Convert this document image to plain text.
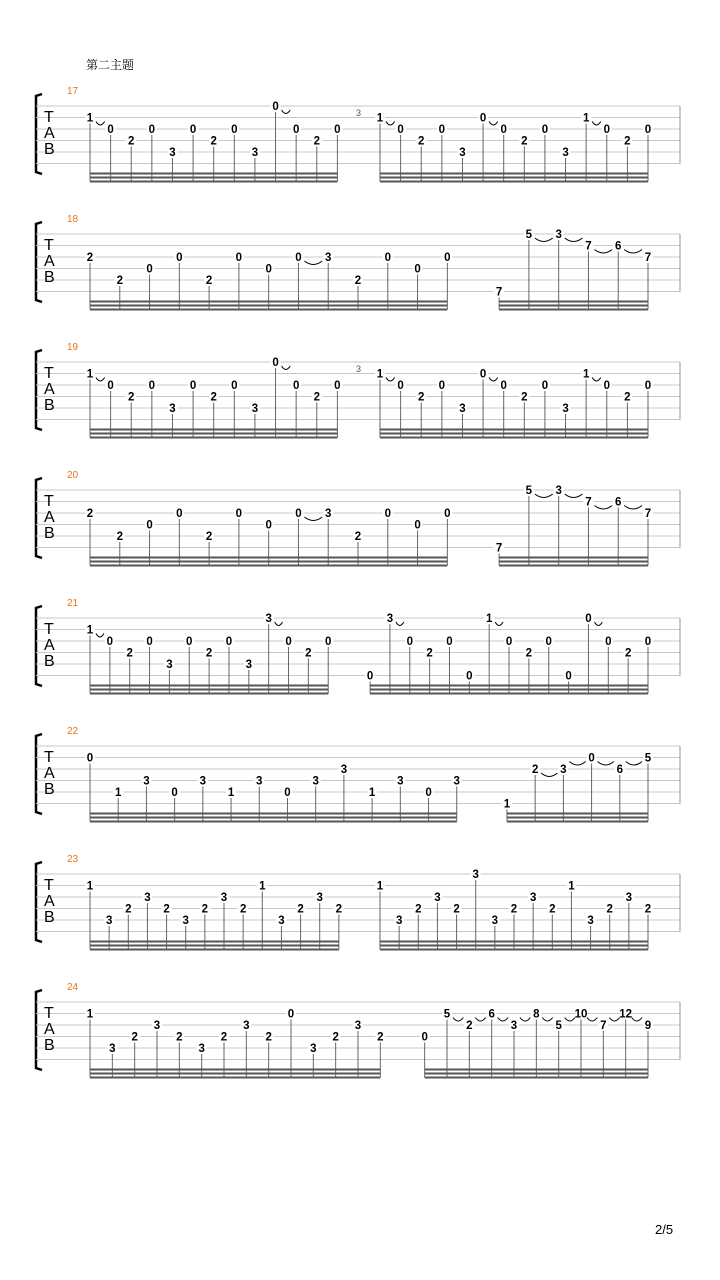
第二主题
17
T
A
B
1
0
2
0
3
0
2
0
3
0
0
2
0
1
0
2
0
3
0
0
2
0
3
1
0
2
0
3
18
T
A
B
2
2
0
0
2
0
0
0 3
2
0
0
0
7
5 3
7 6
7
19
T
A
B
1
0
2
0
3
0
2
0
3
0
0
2
0
1
0
2
0
3
0
0
2
0
3
1
0
2
0
3
20
T
A
B
2
2
0
0
2
0
0
0 3
2
0
0
0
7
5 3
7 6
7
21
T
A
B
1
0
2
0
3
0
2
0
3
3
0
2
0
0
3
0
2
0
0
1
0
2
0
0
0
0
2
0
22
T
A
B
0
1
3
0
3
1
3
0
3
3
1
3
0
3
1
2 3
0
6
5
23
T
A
B
1
3
2
3
2
3
2
3
2
1
3
2
3
2
1
3
2
3
2
3
3
2
3
2
1
3
2
3
2
24
T
A
B
1
3
2
3
2
3
2
3
2
0
3
2
3
2	0
5
2
6
3
8
5
10
7
12
9
2/5
